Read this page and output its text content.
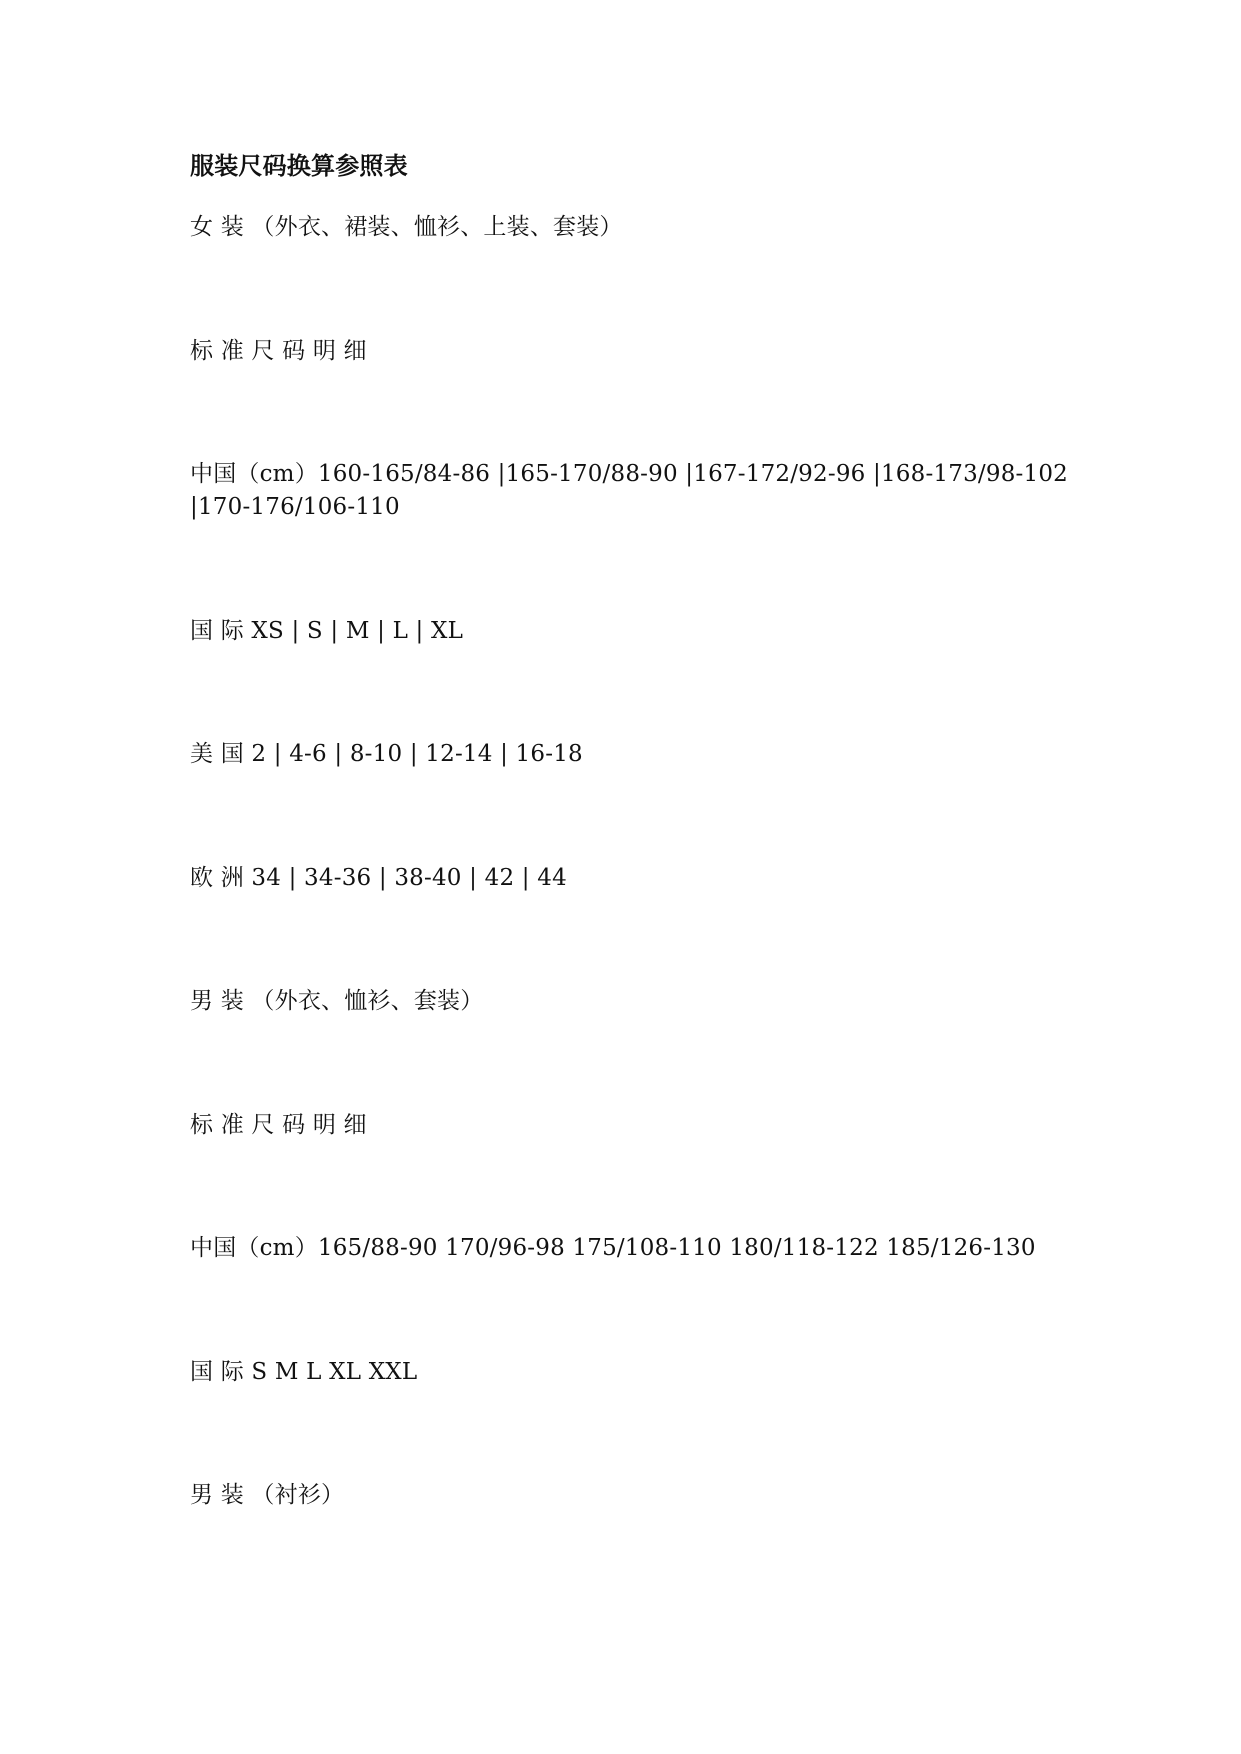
服装尺码换算参照表
女 装 （外衣、裙装、恤衫、上装、套装）
标 准 尺 码 明 细
中国（cm）160-165/84-86 |165-170/88-90 |167-172/92-96 |168-173/98-102
|170-176/106-110
国 际 XS | S | M | L | XL
美 国 2 | 4-6 | 8-10 | 12-14 | 16-18
欧 洲 34 | 34-36 | 38-40 | 42 | 44
男 装 （外衣、恤衫、套装）
标 准 尺 码 明 细
中国（cm）165/88-90 170/96-98 175/108-110 180/118-122 185/126-130
国 际 S M L XL XXL
男 装 （衬衫）
